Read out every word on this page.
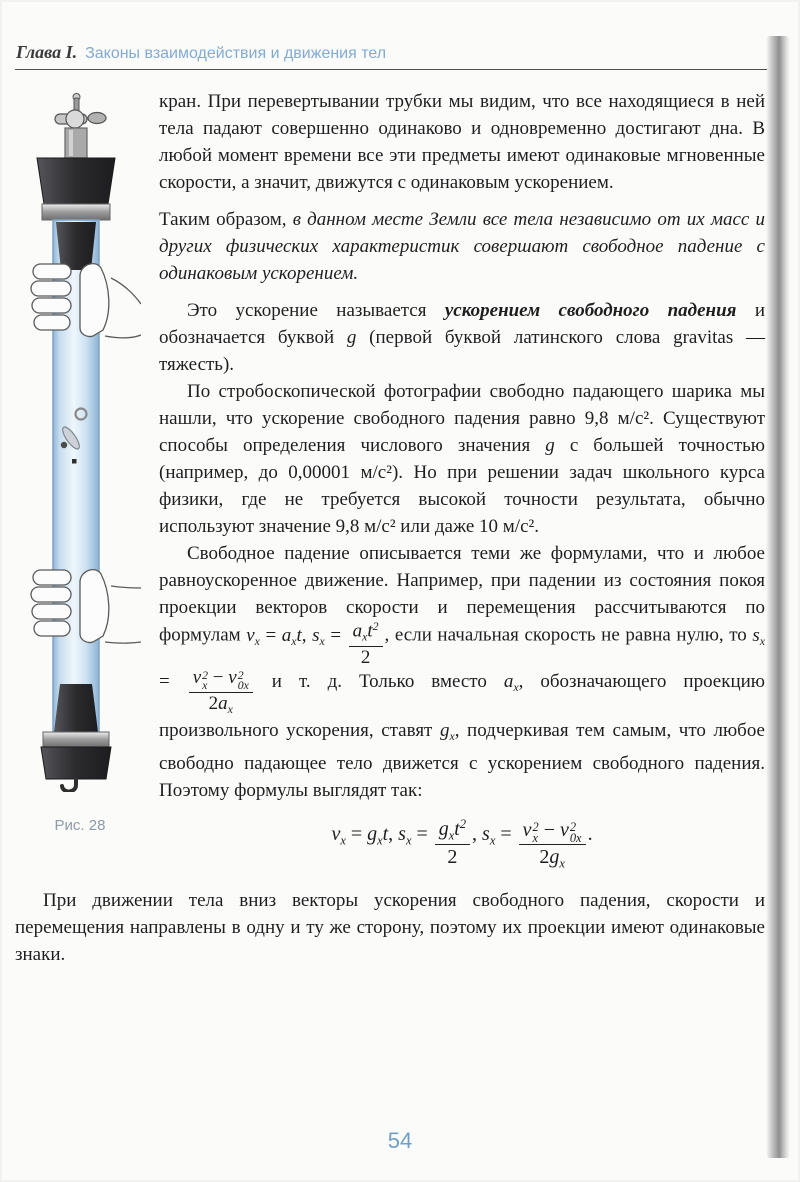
Глава I. Законы взаимодействия и движения тел
Рис. 28

кран. При перевертывании трубки мы видим, что все находящиеся в ней тела падают совершенно одинаково и одновременно достигают дна. В любой момент времени все эти предметы имеют одинаковые мгновенные скорости, а значит, движутся с одинаковым ускорением.

Таким образом, в данном месте Земли все тела независимо от их масс и других физических характеристик совершают свободное падение с одинаковым ускорением.

Это ускорение называется ускорением свободного падения и обозначается буквой g (первой буквой латинского слова gravitas — тяжесть).

По стробоскопической фотографии свободно падающего шарика мы нашли, что ускорение свободного падения равно 9,8 м/с². Существуют способы определения числового значения g с большей точностью (например, до 0,00001 м/с²). Но при решении задач школьного курса физики, где не требуется высокой точности результата, обычно используют значение 9,8 м/с² или даже 10 м/с².

Свободное падение описывается теми же формулами, что и любое равноускоренное движение. Например, при падении из состояния покоя проекции векторов скорости и перемещения рассчитываются по формулам $v_x = a_xt$, $s_x = \frac{a_xt^2}{2}$ , если начальная скорость не равна нулю, то $s_x = v$ 2
x − v 2
0x
$2a_x$ и т. д. Только вместо $a_x$, обозначающего проекцию произвольного ускорения, ставят $g_x$, подчеркивая тем самым, что любое свободно падающее тело движется с ускорением свободного падения. Поэтому формулы выглядят так:

$v_x = g_xt$, $s_x = \frac{g_xt^2}{2}$ , $s_x = v$ 2
x − v 2
0x
$2g_x$ .

При движении тела вниз векторы ускорения свободного падения, скорости и перемещения направлены в одну и ту же сторону, поэтому их проекции имеют одинаковые знаки.

54
